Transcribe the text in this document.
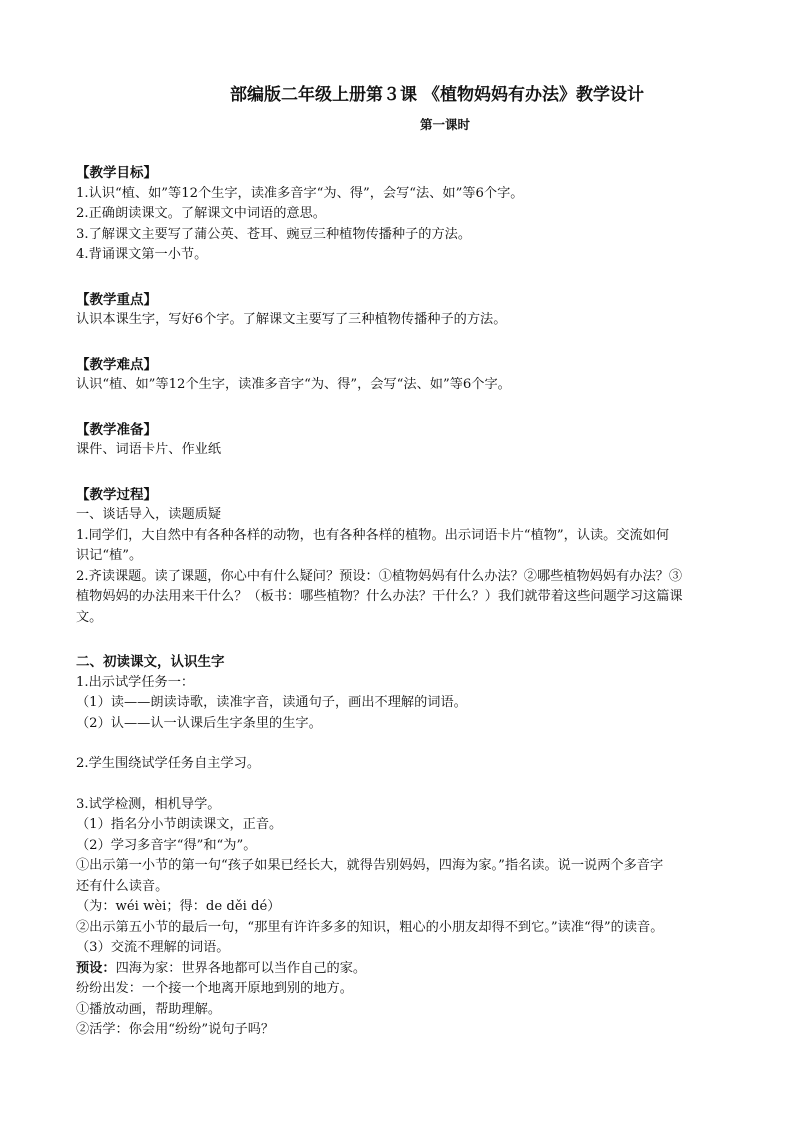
部编版二年级上册第３课 《植物妈妈有办法》教学设计

第一课时

【教学目标】

1.认识“植、如”等12个生字，读准多音字“为、得”，会写“法、如”等6个字。

2.正确朗读课文。了解课文中词语的意思。

3.了解课文主要写了蒲公英、苍耳、豌豆三种植物传播种子的方法。

4.背诵课文第一小节。

【教学重点】

认识本课生字，写好6个字。了解课文主要写了三种植物传播种子的方法。

【教学难点】

认识“植、如”等12个生字，读准多音字“为、得”，会写“法、如”等6个字。

【教学准备】

课件、词语卡片、作业纸

【教学过程】

一、谈话导入，读题质疑

1.同学们，大自然中有各种各样的动物，也有各种各样的植物。出示词语卡片“植物”，认读。交流如何

识记“植”。

2.齐读课题。读了课题，你心中有什么疑问？预设：①植物妈妈有什么办法？②哪些植物妈妈有办法？③

植物妈妈的办法用来干什么？（板书：哪些植物？什么办法？干什么？）我们就带着这些问题学习这篇课

文。

二、初读课文，认识生字

1.出示试学任务一：

（1）读——朗读诗歌，读准字音，读通句子，画出不理解的词语。

（2）认——认一认课后生字条里的生字。

2.学生围绕试学任务自主学习。

3.试学检测，相机导学。

（1）指名分小节朗读课文，正音。

（2）学习多音字“得”和“为”。

①出示第一小节的第一句“孩子如果已经长大，就得告别妈妈，四海为家。”指名读。说一说两个多音字

还有什么读音。

（为：wéi wèi；得：de děi dé）

②出示第五小节的最后一句，“那里有许许多多的知识，粗心的小朋友却得不到它。”读准“得”的读音。

（3）交流不理解的词语。

预设：四海为家：世界各地都可以当作自己的家。

纷纷出发：一个接一个地离开原地到别的地方。

①播放动画，帮助理解。

②活学：你会用“纷纷”说句子吗？
